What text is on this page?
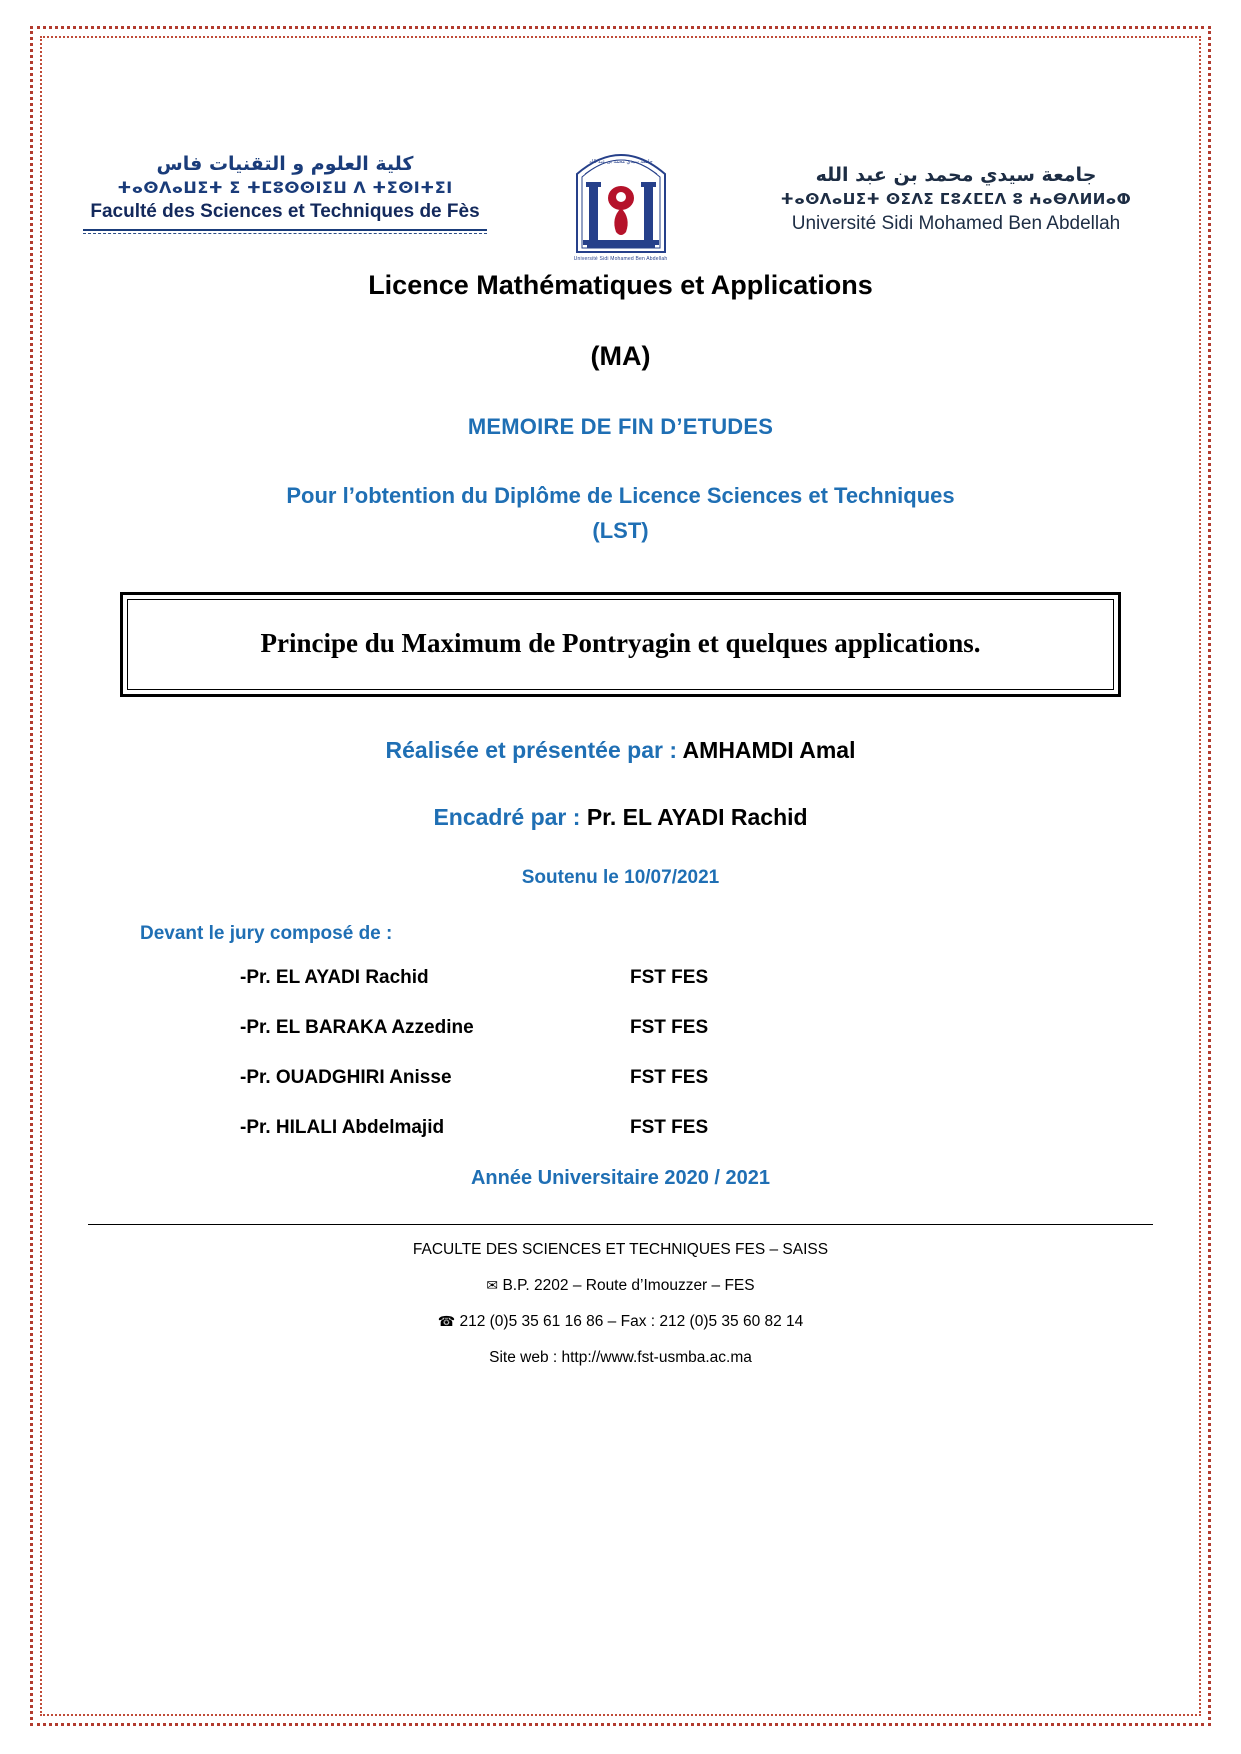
كلية العلوم و التقنيات فاس
ⵜⴰⵙⴷⴰⵡⵉⵜ ⵉ ⵜⵎⵓⵙⵙⵏⵉⵡ ⴷ ⵜⵉⵙⵏⵜⵉⵏ
Faculté des Sciences et Techniques de Fès
جامعة سيدي محمد بن عبد الله
Université Sidi Mohamed Ben Abdellah
جامعة سيدي محمد بن عبد الله
ⵜⴰⵙⴷⴰⵡⵉⵜ ⵙⵉⴷⵉ ⵎⵓⵃⵎⵎⴷ ⵓ ⵄⴰⴱⴷⵍⵍⴰⵀ
Université Sidi Mohamed Ben Abdellah
Licence Mathématiques et Applications
(MA)
MEMOIRE DE FIN D’ETUDES
Pour l’obtention du Diplôme de Licence Sciences et Techniques
(LST)
Principe du Maximum de Pontryagin et quelques applications.
Réalisée et présentée par : AMHAMDI Amal
Encadré par : Pr. EL AYADI Rachid
Soutenu le 10/07/2021
Devant le jury composé de :
-Pr. EL AYADI Rachid	FST FES
-Pr. EL BARAKA Azzedine	FST FES
-Pr. OUADGHIRI Anisse	FST FES
-Pr. HILALI Abdelmajid	FST FES
Année Universitaire 2020 / 2021
FACULTE DES SCIENCES ET TECHNIQUES FES – SAISS
✉ B.P. 2202 – Route d’Imouzzer – FES
☎ 212 (0)5 35 61 16 86 – Fax : 212 (0)5 35 60 82 14
Site web : http://www.fst-usmba.ac.ma
